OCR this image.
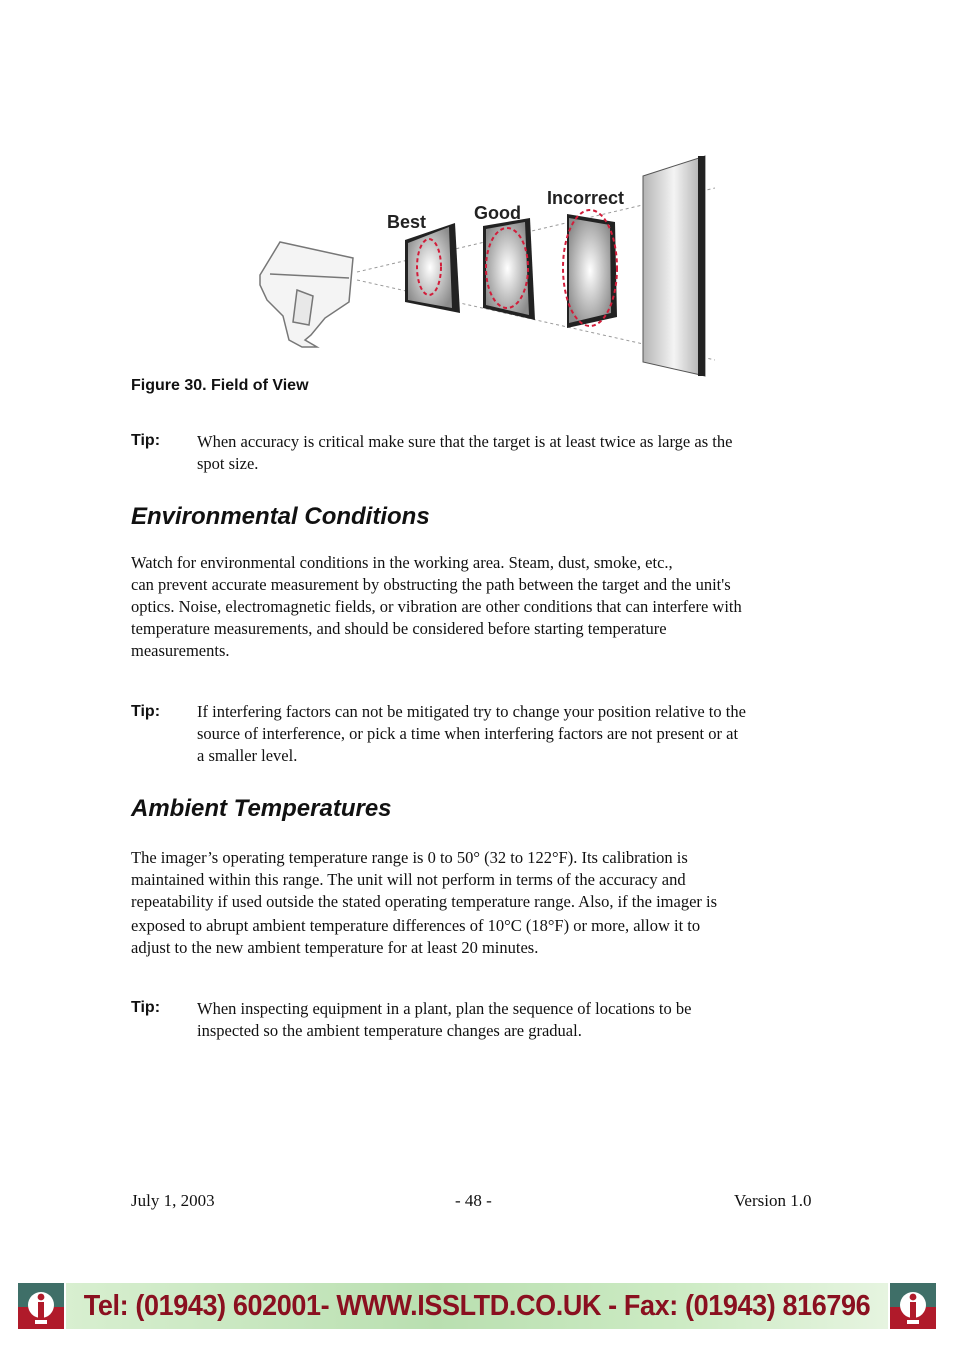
Best	Good
Incorrect
Figure 30. Field of View
Tip: When accuracy is critical make sure that the target is at least twice as large as the
spot size.
Environmental Conditions
Watch for environmental conditions in the working area. Steam, dust, smoke, etc.,
can prevent accurate measurement by obstructing the path between the target and the unit's
optics. Noise, electromagnetic fields, or vibration are other conditions that can interfere with
temperature measurements, and should be considered before starting temperature
measurements.
Tip: If interfering factors can not be mitigated try to change your position relative to the
source of interference, or pick a time when interfering factors are not present or at
a smaller level.
Ambient Temperatures
The imager’s operating temperature range is 0 to 50° (32 to 122°F). Its calibration is
maintained within this range. The unit will not perform in terms of the accuracy and
repeatability if used outside the stated operating temperature range. Also, if the imager is
exposed to abrupt ambient temperature differences of 10°C (18°F) or more, allow it to
adjust to the new ambient temperature for at least 20 minutes.
Tip: When inspecting equipment in a plant, plan the sequence of locations to be
inspected so the ambient temperature changes are gradual.
July 1, 2003	- 48 -	Version 1.0
Tel: (01943) 602001- WWW.ISSLTD.CO.UK - Fax: (01943) 816796
